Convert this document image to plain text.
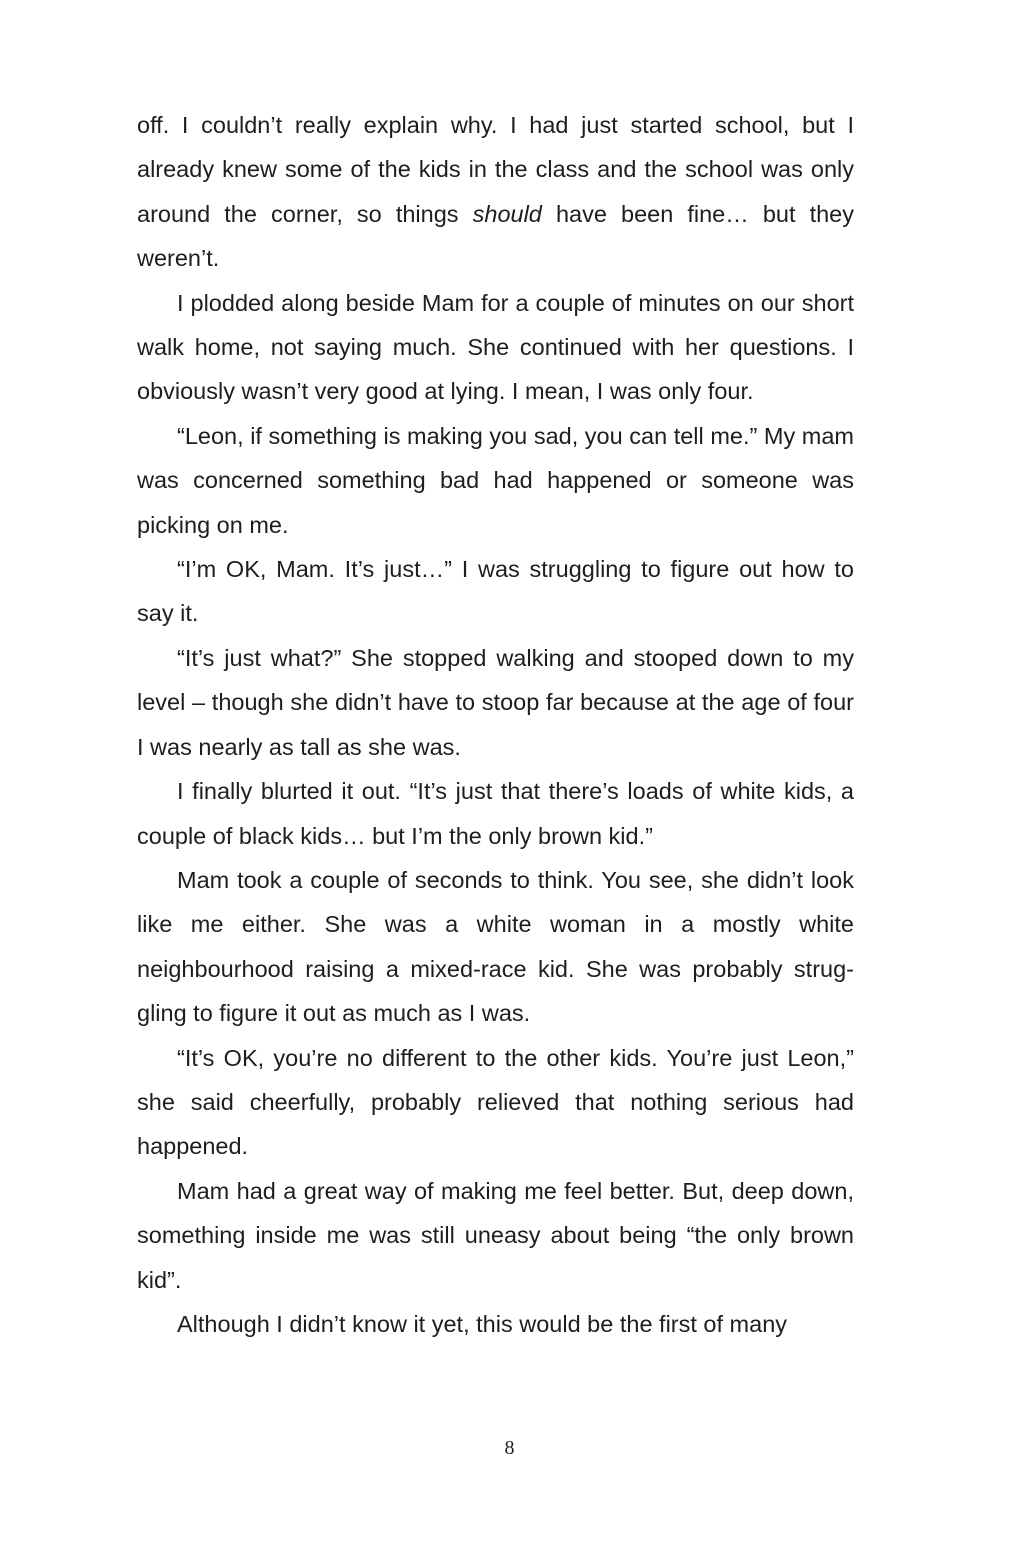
off. I couldn’t really explain why. I had just started school, but I already knew some of the kids in the class and the school was only around the corner, so things should have been fine… but they weren’t.

I plodded along beside Mam for a couple of minutes on our short walk home, not saying much. She continued with her questions. I obviously wasn’t very good at lying. I mean, I was only four.

“Leon, if something is making you sad, you can tell me.” My mam was concerned something bad had happened or someone was picking on me.

“I’m OK, Mam. It’s just…” I was struggling to figure out how to say it.

“It’s just what?” She stopped walking and stooped down to my level – though she didn’t have to stoop far because at the age of four I was nearly as tall as she was.

I finally blurted it out. “It’s just that there’s loads of white kids, a couple of black kids… but I’m the only brown kid.”

Mam took a couple of seconds to think. You see, she didn’t look like me either. She was a white woman in a mostly white neighbourhood raising a mixed-race kid. She was probably struggling to figure it out as much as I was.

“It’s OK, you’re no different to the other kids. You’re just Leon,” she said cheerfully, probably relieved that nothing serious had happened.

Mam had a great way of making me feel better. But, deep down, something inside me was still uneasy about being “the only brown kid”.

Although I didn’t know it yet, this would be the first of many

8
